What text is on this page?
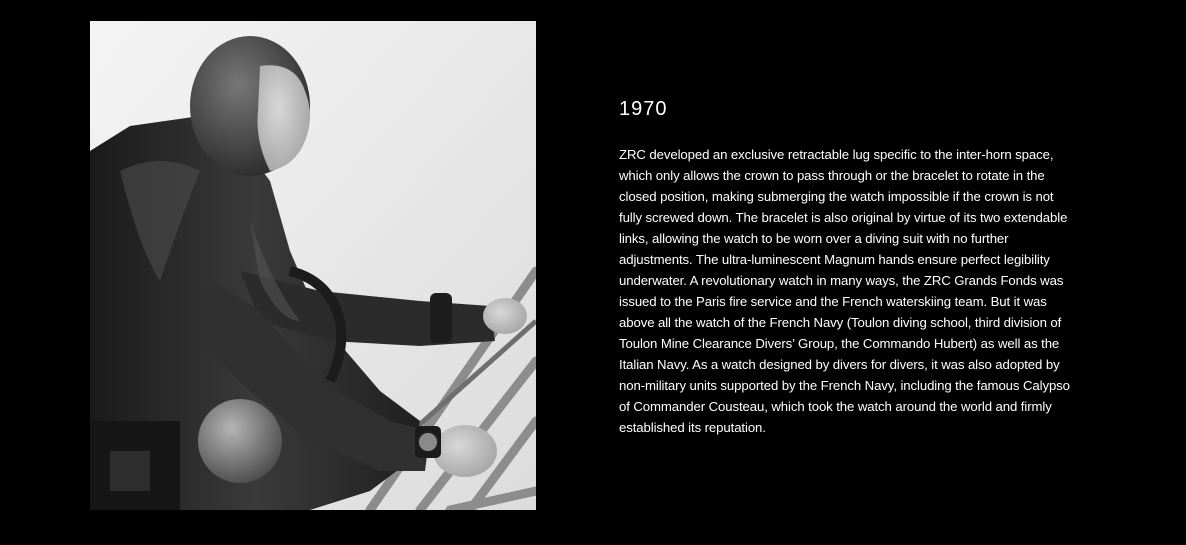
1970

ZRC developed an exclusive retractable lug specific to the inter-horn space, which only allows the crown to pass through or the bracelet to rotate in the closed position, making submerging the watch impossible if the crown is not fully screwed down. The bracelet is also original by virtue of its two extendable links, allowing the watch to be worn over a diving suit with no further adjustments. The ultra-luminescent Magnum hands ensure perfect legibility underwater. A revolutionary watch in many ways, the ZRC Grands Fonds was issued to the Paris fire service and the French waterskiing team. But it was above all the watch of the French Navy (Toulon diving school, third division of Toulon Mine Clearance Divers’ Group, the Commando Hubert) as well as the Italian Navy. As a watch designed by divers for divers, it was also adopted by non-military units supported by the French Navy, including the famous Calypso of Commander Cousteau, which took the watch around the world and firmly established its reputation.
